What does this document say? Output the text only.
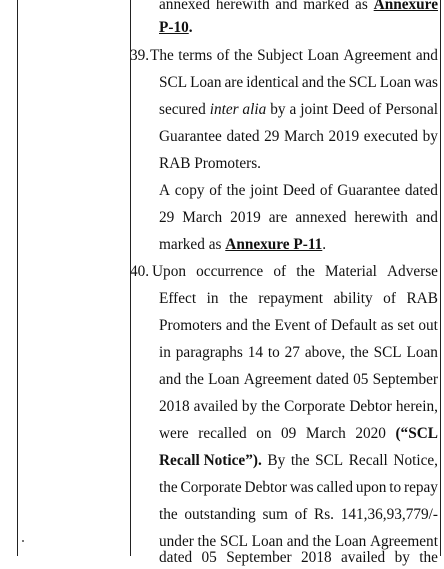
annexed herewith and marked as Annexure
P-10.
39. The terms of the Subject Loan Agreement and
SCL Loan are identical and the SCL Loan was
secured inter alia by a joint Deed of Personal
Guarantee dated 29 March 2019 executed by
RAB Promoters.
A copy of the joint Deed of Guarantee dated
29 March 2019 are annexed herewith and
marked as Annexure P-11.
40. Upon occurrence of the Material Adverse
Effect in the repayment ability of RAB
Promoters and the Event of Default as set out
in paragraphs 14 to 27 above, the SCL Loan
and the Loan Agreement dated 05 September
2018 availed by the Corporate Debtor herein,
were recalled on 09 March 2020 (“SCL
Recall Notice”). By the SCL Recall Notice,
the Corporate Debtor was called upon to repay
the outstanding sum of Rs. 141,36,93,779/-
under the SCL Loan and the Loan Agreement
dated 05 September 2018 availed by the
